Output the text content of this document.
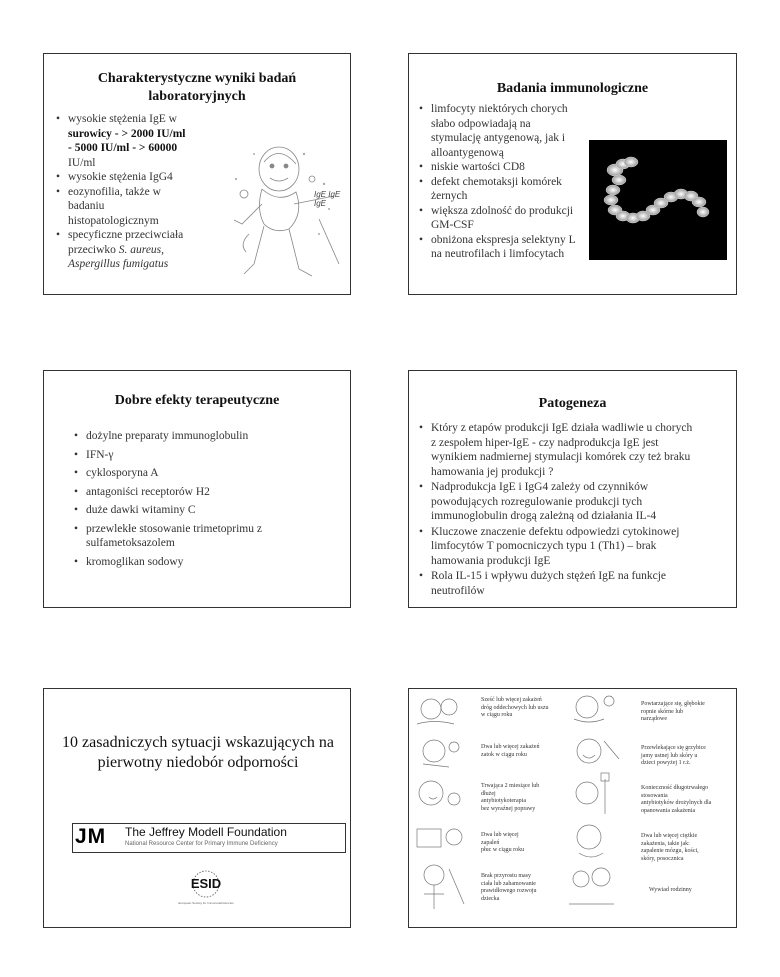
Charakterystyczne wyniki badań laboratoryjnych
• wysokie stężenia IgE w
surowicy - > 2000 IU/ml
- 5000 IU/ml - > 60000
IU/ml
• wysokie stężenia IgG4
• eozynofilia, także w
badaniu
histopatologicznym
• specyficzne przeciwciała
przeciwko S. aureus,
Aspergillus fumigatus
IgE IgE IgE
Badania immunologiczne
• limfocyty niektórych chorych
słabo odpowiadają na
stymulację antygenową, jak i
alloantygenową
• niskie wartości CD8
• defekt chemotaksji komórek
żernych
• większa zdolność do produkcji
GM-CSF
• obniżona ekspresja selektyny L
na neutrofilach i limfocytach
Dobre efekty terapeutyczne
• dożylne preparaty immunoglobulin
• IFN-γ
• cyklosporyna A
• antagoniści receptorów H2
• duże dawki witaminy C
• przewlekłe stosowanie trimetoprimu z sulfametoksazolem
• kromoglikan sodowy
Patogeneza
• Który z etapów produkcji IgE działa wadliwie u chorych
z zespołem hiper-IgE - czy nadprodukcja IgE jest
wynikiem nadmiernej stymulacji komórek czy też braku
hamowania jej produkcji ?
• Nadprodukcja IgE i IgG4 zależy od czynników
powodujących rozregulowanie produkcji tych
immunoglobulin drogą zależną od działania IL-4
• Kluczowe znaczenie defektu odpowiedzi cytokinowej
limfocytów T pomocniczych typu 1 (Th1) – brak
hamowania produkcji IgE
• Rola IL-15 i wpływu dużych stężeń IgE na funkcje
neutrofilów
10 zasadniczych sytuacji wskazujących na pierwotny niedobór odporności
JM	The Jeffrey Modell Foundation
National Resource Center for Primary Immune Deficiency
ESID
European Society for Immunodeficiencies
Sześć lub więcej zakażeń
dróg oddechowych lub uszu
w ciągu roku
Dwa lub więcej zakażeń
zatok w ciągu roku
Trwająca 2 miesiące lub
dłużej
antybiotykoterapia
bez wyraźnej poprawy
Dwa lub więcej
zapaleń
płuc w ciągu roku
Brak przyrostu masy
ciała lub zahamowanie
prawidłowego rozwoju
dziecka
Powtarzające się, głębokie
ropnie skórne lub
narządowe
Przewlekające się grzybice
jamy ustnej lub skóry u
dzieci powyżej 1 r.ż.
Konieczność długotrwałego
stosowania
antybiotyków drożylnych dla
opanowania zakażenia
Dwa lub więcej ciężkie
zakażenia, takie jak:
zapalenie mózgu, kości,
skóry, posocznica
Wywiad rodzinny
